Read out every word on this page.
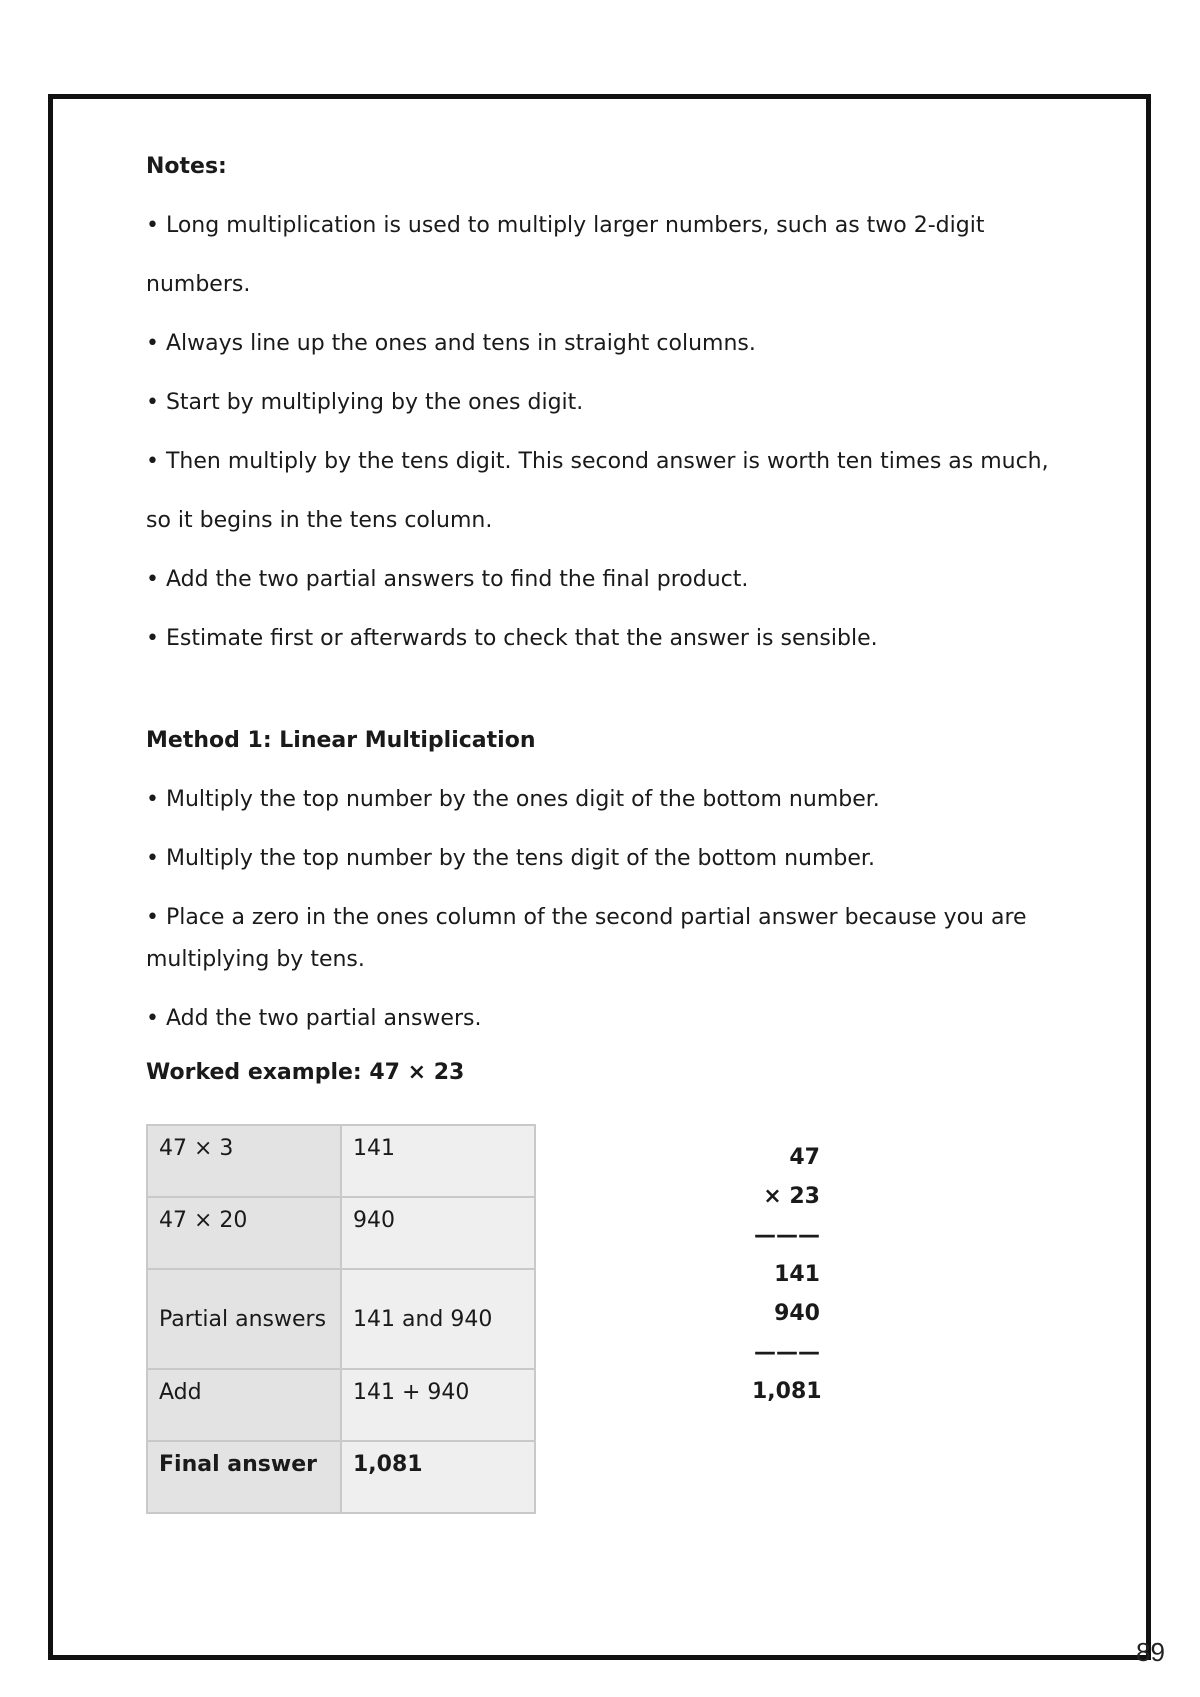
Notes:

• Long multiplication is used to multiply larger numbers, such as two 2-digit

numbers.

• Always line up the ones and tens in straight columns.

• Start by multiplying by the ones digit.

• Then multiply by the tens digit. This second answer is worth ten times as much,

so it begins in the tens column.

• Add the two partial answers to find the final product.

• Estimate first or afterwards to check that the answer is sensible.

Method 1: Linear Multiplication

• Multiply the top number by the ones digit of the bottom number.

• Multiply the top number by the tens digit of the bottom number.

• Place a zero in the ones column of the second partial answer because you are

multiplying by tens.

• Add the two partial answers.

Worked example: 47 × 23

47 × 3	141
47 × 20	940
Partial answers	141 and 940
Add	141 + 940
Final answer	1,081
47
× 23
———
141
940
———
1,081
89
